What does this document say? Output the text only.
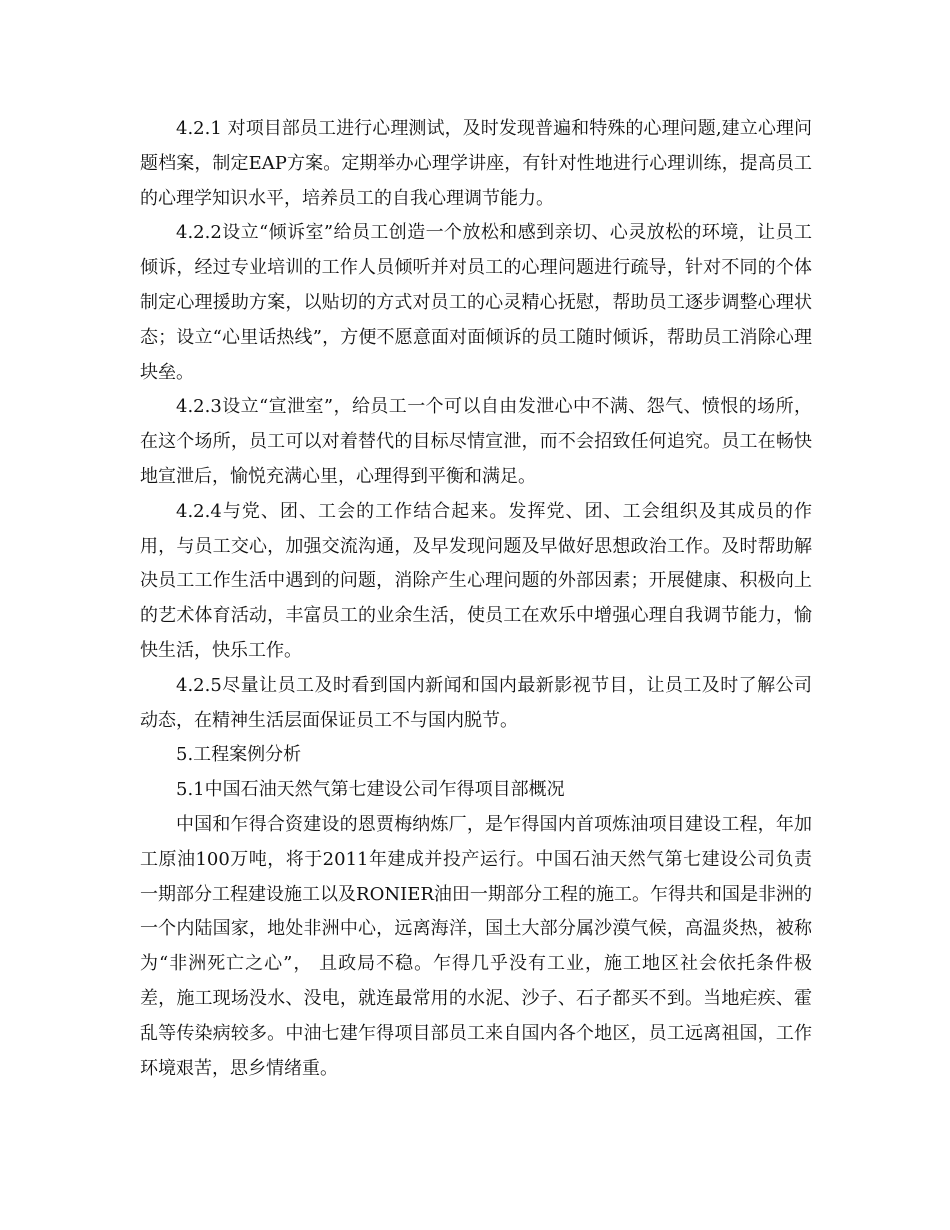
4.2.1 对项目部员工进行心理测试，及时发现普遍和特殊的心理问题,建立心理问题档案，制定EAP方案。定期举办心理学讲座，有针对性地进行心理训练，提高员工的心理学知识水平，培养员工的自我心理调节能力。

4.2.2设立“倾诉室”给员工创造一个放松和感到亲切、心灵放松的环境，让员工倾诉，经过专业培训的工作人员倾听并对员工的心理问题进行疏导，针对不同的个体制定心理援助方案，以贴切的方式对员工的心灵精心抚慰，帮助员工逐步调整心理状态；设立“心里话热线”，方便不愿意面对面倾诉的员工随时倾诉，帮助员工消除心理块垒。

4.2.3设立“宣泄室”，给员工一个可以自由发泄心中不满、怨气、愤恨的场所，在这个场所，员工可以对着替代的目标尽情宣泄，而不会招致任何追究。员工在畅快地宣泄后，愉悦充满心里，心理得到平衡和满足。

4.2.4与党、团、工会的工作结合起来。发挥党、团、工会组织及其成员的作用，与员工交心，加强交流沟通，及早发现问题及早做好思想政治工作。及时帮助解决员工工作生活中遇到的问题，消除产生心理问题的外部因素；开展健康、积极向上的艺术体育活动，丰富员工的业余生活，使员工在欢乐中增强心理自我调节能力，愉快生活，快乐工作。

4.2.5尽量让员工及时看到国内新闻和国内最新影视节目，让员工及时了解公司动态，在精神生活层面保证员工不与国内脱节。

5.工程案例分析

5.1中国石油天然气第七建设公司乍得项目部概况

中国和乍得合资建设的恩贾梅纳炼厂，是乍得国内首项炼油项目建设工程，年加工原油100万吨，将于2011年建成并投产运行。中国石油天然气第七建设公司负责一期部分工程建设施工以及RONIER油田一期部分工程的施工。乍得共和国是非洲的一个内陆国家，地处非洲中心，远离海洋，国土大部分属沙漠气候，高温炎热，被称为“非洲死亡之心”， 且政局不稳。乍得几乎没有工业，施工地区社会依托条件极差，施工现场没水、没电，就连最常用的水泥、沙子、石子都买不到。当地疟疾、霍乱等传染病较多。中油七建乍得项目部员工来自国内各个地区，员工远离祖国，工作环境艰苦，思乡情绪重。
